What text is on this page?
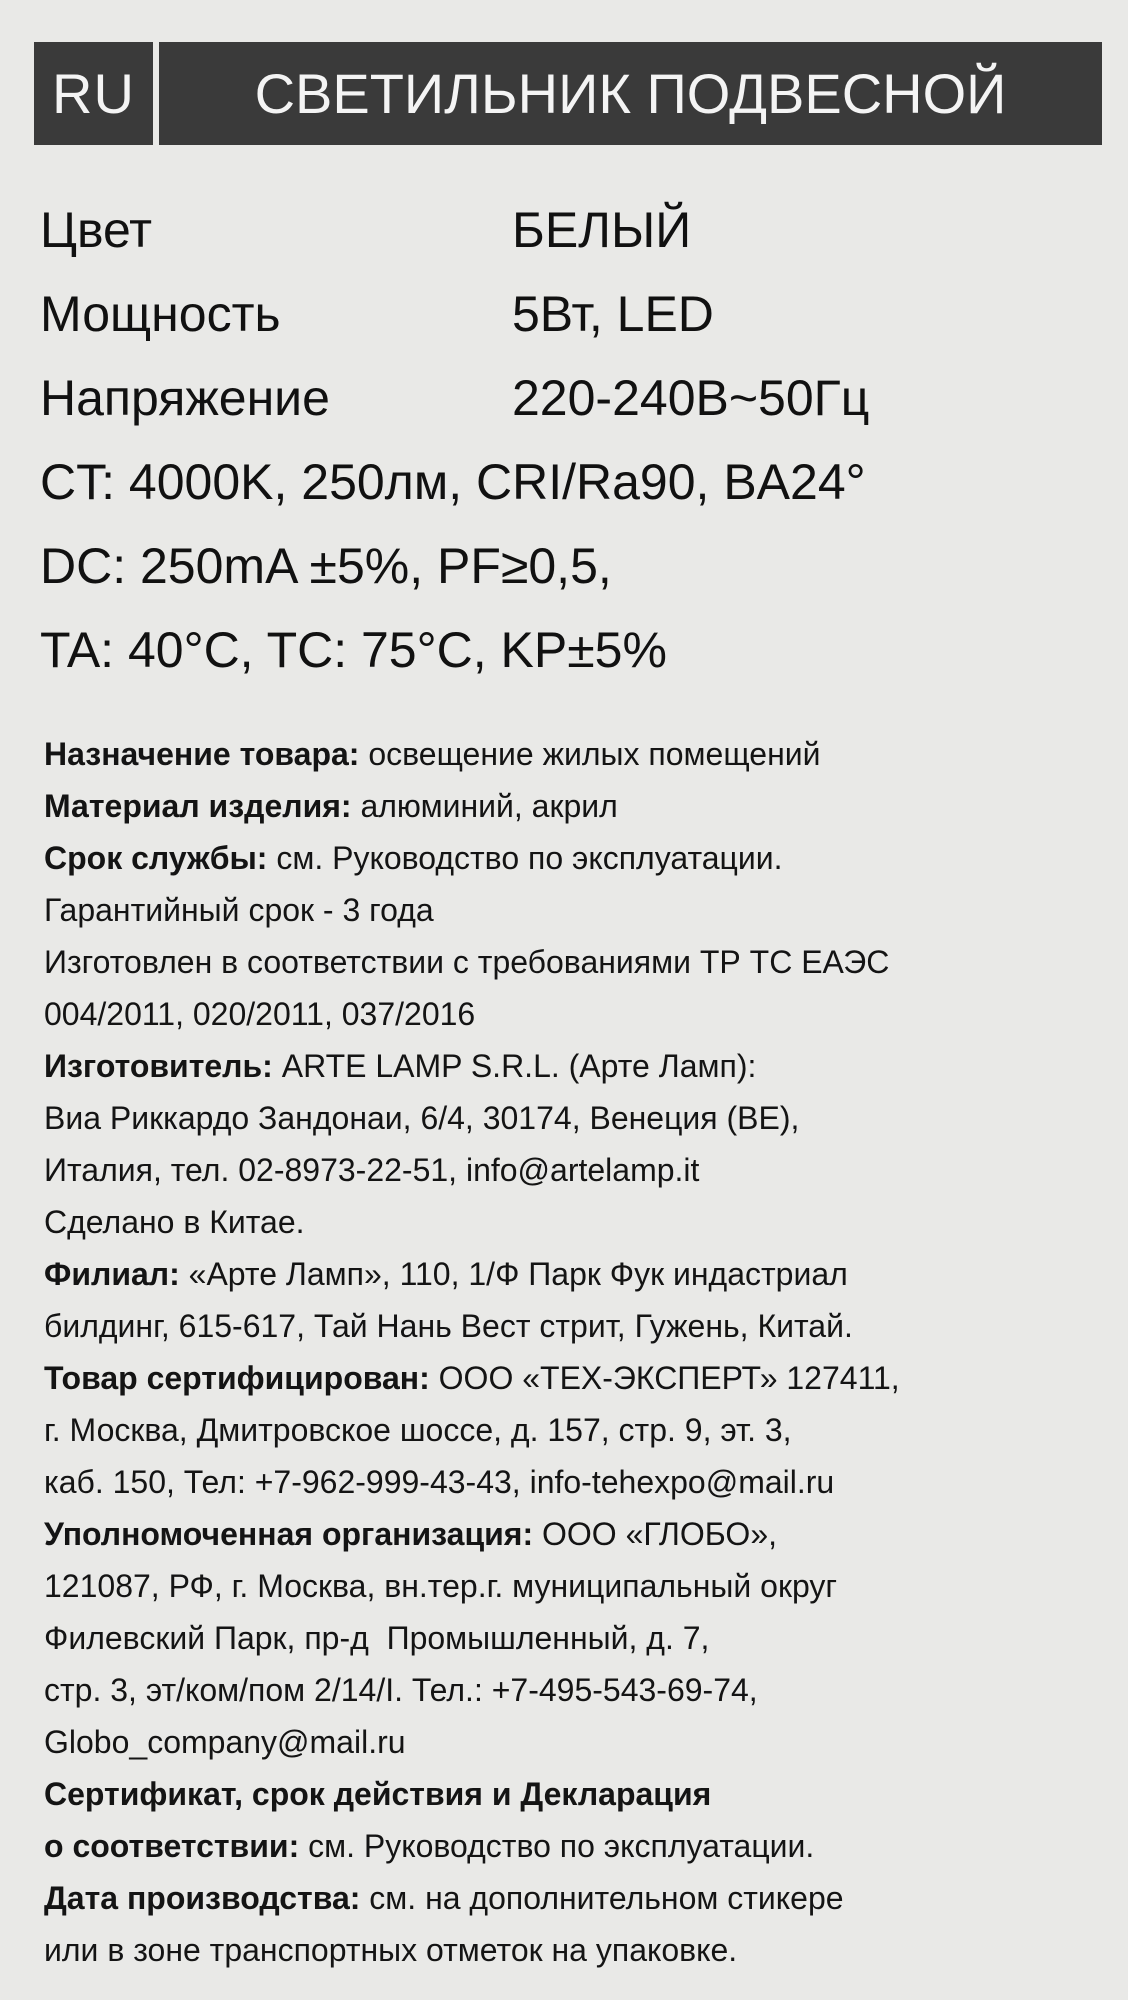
RU	СВЕТИЛЬНИК ПОДВЕСНОЙ
Цвет	БЕЛЫЙ
Мощность	5Вт, LED
Напряжение	220-240В~50Гц
CT: 4000K, 250лм, CRI/Ra90, BA24°
DC: 250mA ±5%, PF≥0,5,
TA: 40°C, TC: 75°C, KP±5%
Назначение товара: освещение жилых помещений
Материал изделия: алюминий, акрил
Срок службы: см. Руководство по эксплуатации.
Гарантийный срок - 3 года
Изготовлен в соответствии с требованиями ТР ТС ЕАЭС
004/2011, 020/2011, 037/2016
Изготовитель: ARTE LAMP S.R.L. (Арте Ламп):
Виа Риккардо Зандонаи, 6/4, 30174, Венеция (ВЕ),
Италия, тел. 02-8973-22-51, info@artelamp.it
Сделано в Китае.
Филиал: «Арте Ламп», 110, 1/Ф Парк Фук индастриал
билдинг, 615-617, Тай Нань Вест стрит, Гужень, Китай.
Товар сертифицирован: ООО «ТЕХ-ЭКСПЕРТ» 127411,
г. Москва, Дмитровское шоссе, д. 157, стр. 9, эт. 3,
каб. 150, Тел: +7-962-999-43-43, info-tehexpo@mail.ru
Уполномоченная организация: ООО «ГЛОБО»,
121087, РФ, г. Москва, вн.тер.г. муниципальный округ
Филевский Парк, пр-д  Промышленный, д. 7,
стр. 3, эт/ком/пом 2/14/I. Тел.: +7-495-543-69-74,
Globo_company@mail.ru
Сертификат, срок действия и Декларация
о соответствии: см. Руководство по эксплуатации.
Дата производства: см. на дополнительном стикере
или в зоне транспортных отметок на упаковке.
